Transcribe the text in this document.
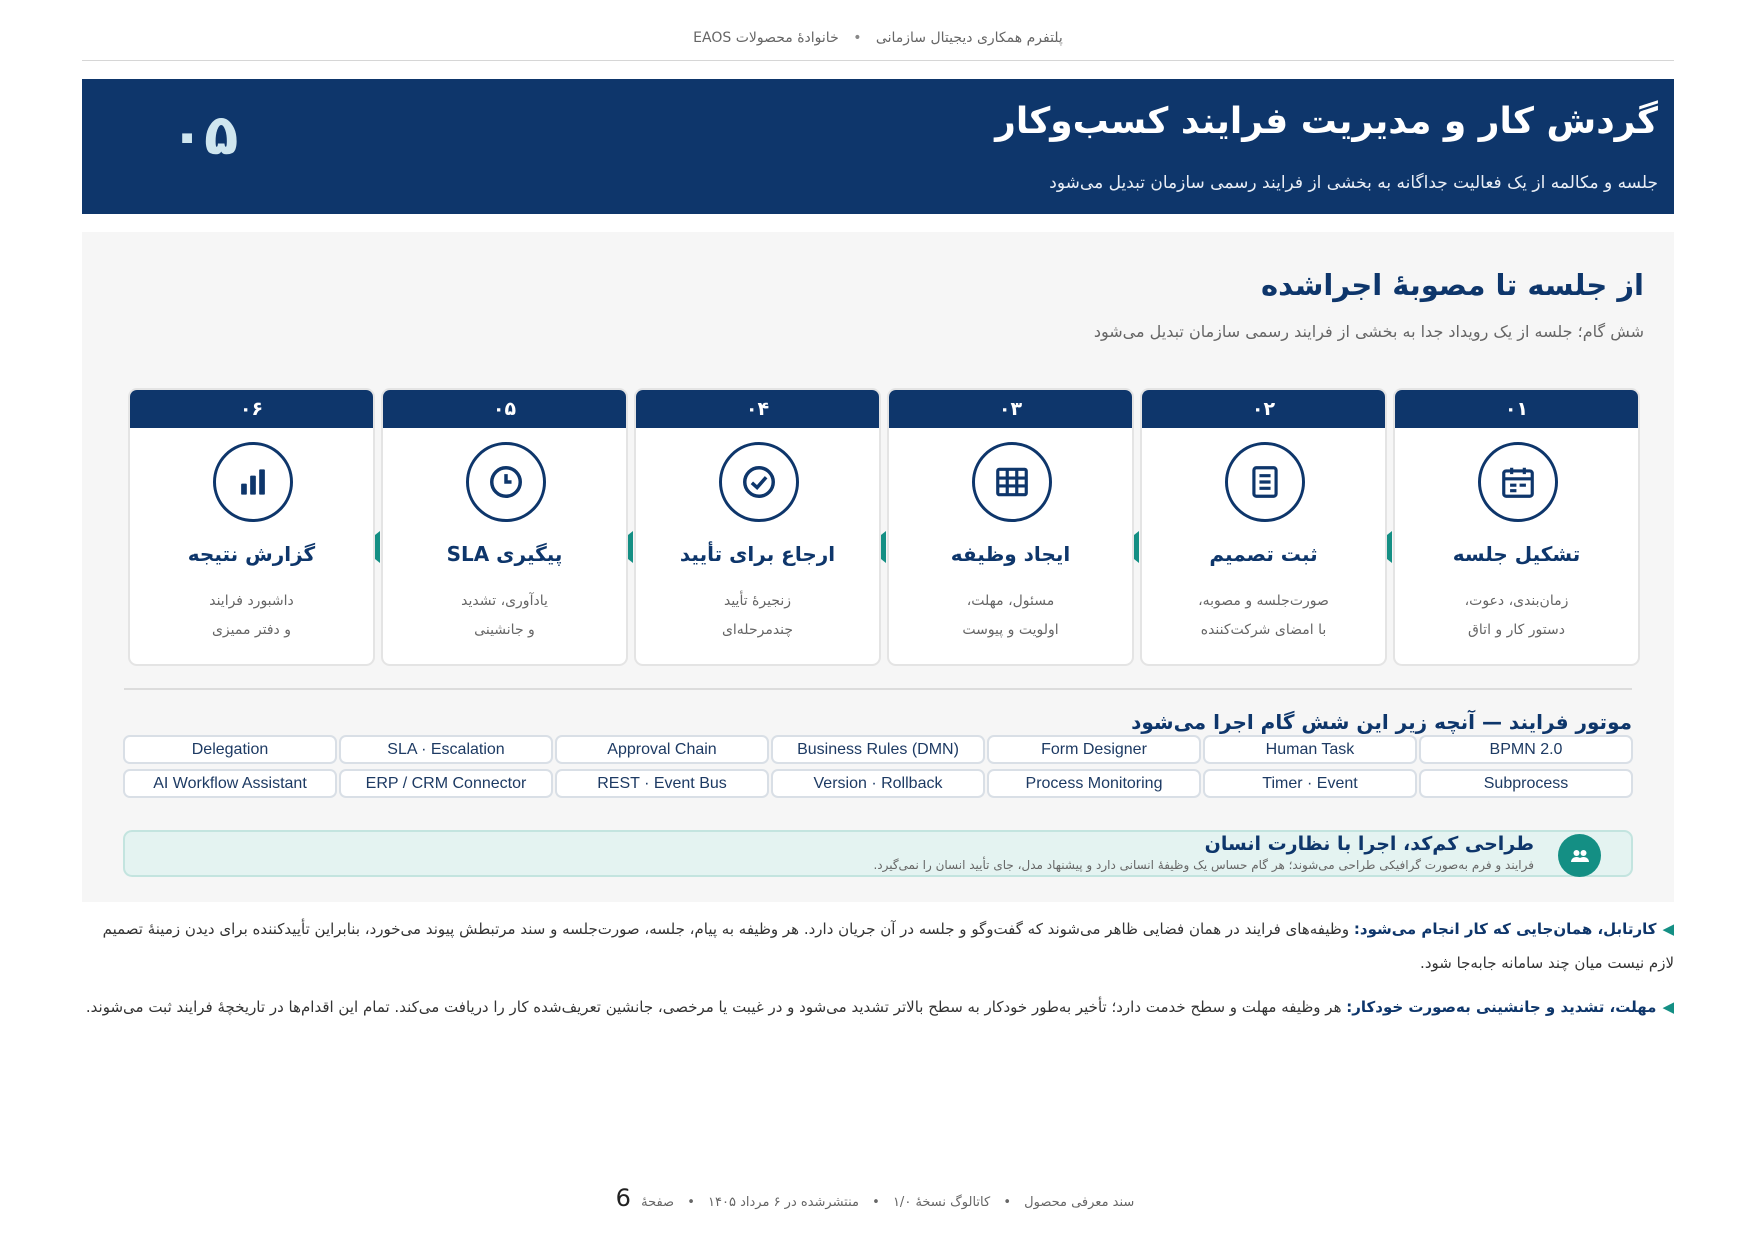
پلتفرم همکاری دیجیتال سازمانی • خانوادهٔ محصولات EAOS
گردش کار و مدیریت فرایند کسب‌وکار
جلسه و مکالمه از یک فعالیت جداگانه به بخشی از فرایند رسمی سازمان تبدیل می‌شود
۰۵
از جلسه تا مصوبهٔ اجراشده
شش گام؛ جلسه از یک رویداد جدا به بخشی از فرایند رسمی سازمان تبدیل می‌شود
۰۱
تشکیل جلسه
زمان‌بندی، دعوت،
دستور کار و اتاق
۰۲
ثبت تصمیم
صورت‌جلسه و مصوبه،
با امضای شرکت‌کننده
۰۳
ایجاد وظیفه
مسئول، مهلت،
اولویت و پیوست
۰۴
ارجاع برای تأیید
زنجیرهٔ تأیید
چندمرحله‌ای
۰۵
پیگیری SLA
یادآوری، تشدید
و جانشینی
۰۶
گزارش نتیجه
داشبورد فرایند
و دفتر ممیزی
موتور فرایند — آنچه زیر این شش گام اجرا می‌شود
BPMN 2.0
Human Task
Form Designer
Business Rules (DMN)
Approval Chain
SLA · Escalation
Delegation
Subprocess
Timer · Event
Process Monitoring
Version · Rollback
REST · Event Bus
ERP / CRM Connector
AI Workflow Assistant
طراحی کم‌کد، اجرا با نظارت انسان
فرایند و فرم به‌صورت گرافیکی طراحی می‌شوند؛ هر گام حساس یک وظیفهٔ انسانی دارد و پیشنهاد مدل، جای تأیید انسان را نمی‌گیرد.
◀کارتابل، همان‌جایی که کار انجام می‌شود: وظیفه‌های فرایند در همان فضایی ظاهر می‌شوند که گفت‌وگو و جلسه در آن جریان دارد. هر وظیفه به پیام، جلسه، صورت‌جلسه و سند مرتبطش پیوند می‌خورد، بنابراین تأییدکننده برای دیدن زمینهٔ تصمیم لازم نیست میان چند سامانه جابه‌جا شود.
◀مهلت، تشدید و جانشینی به‌صورت خودکار: هر وظیفه مهلت و سطح خدمت دارد؛ تأخیر به‌طور خودکار به سطح بالاتر تشدید می‌شود و در غیبت یا مرخصی، جانشین تعریف‌شده کار را دریافت می‌کند. تمام این اقدام‌ها در تاریخچهٔ فرایند ثبت می‌شوند.
سند معرفی محصول • کاتالوگ نسخهٔ ۱/۰ • منتشرشده در ۶ مرداد ۱۴۰۵ • صفحهٔ 6
